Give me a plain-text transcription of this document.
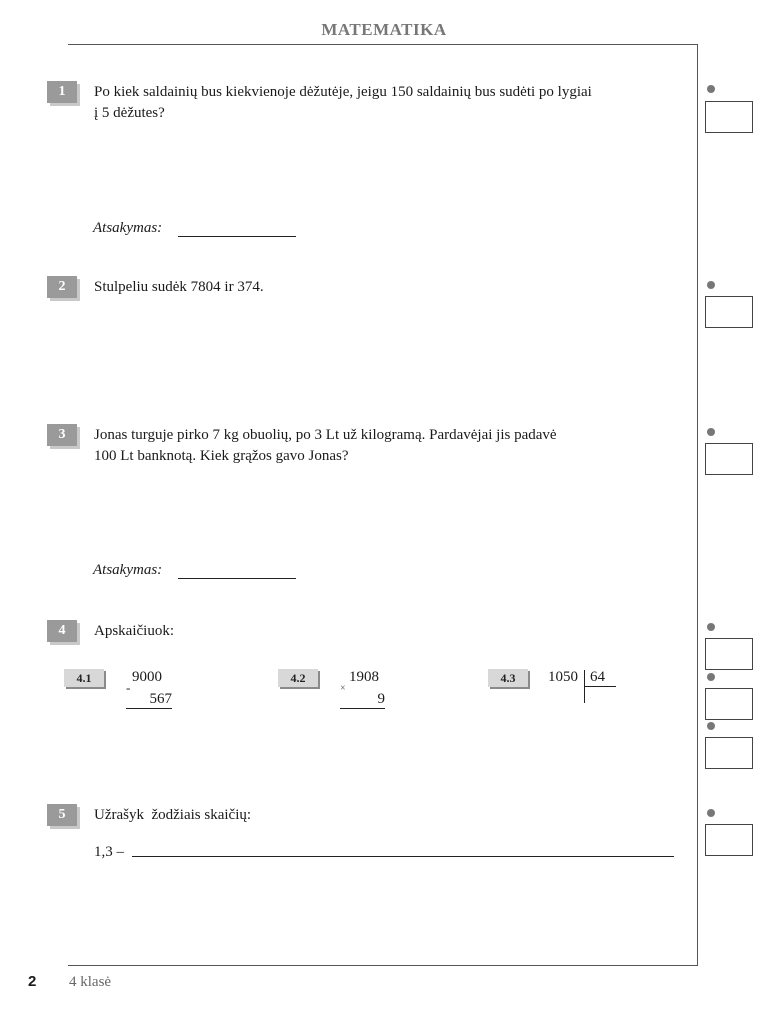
MATEMATIKA
1	Po kiek saldainių bus kiekvienoje dėžutėje, jeigu 150 saldainių bus sudėti po lygiai
į 5 dėžutes?
Atsakymas:
2	Stulpeliu sudėk 7804 ir 374.
3	Jonas turguje pirko 7 kg obuolių, po 3 Lt už kilogramą. Pardavėjai jis padavė
100 Lt banknotą. Kiek grąžos gavo Jonas?
Atsakymas:
4	Apskaičiuok:
4.1
-
9000
567
4.2
×
1908
9
4.3	1050 64
5	Užrašyk  žodžiais skaičių:
1,3 –
2 4 klasė
